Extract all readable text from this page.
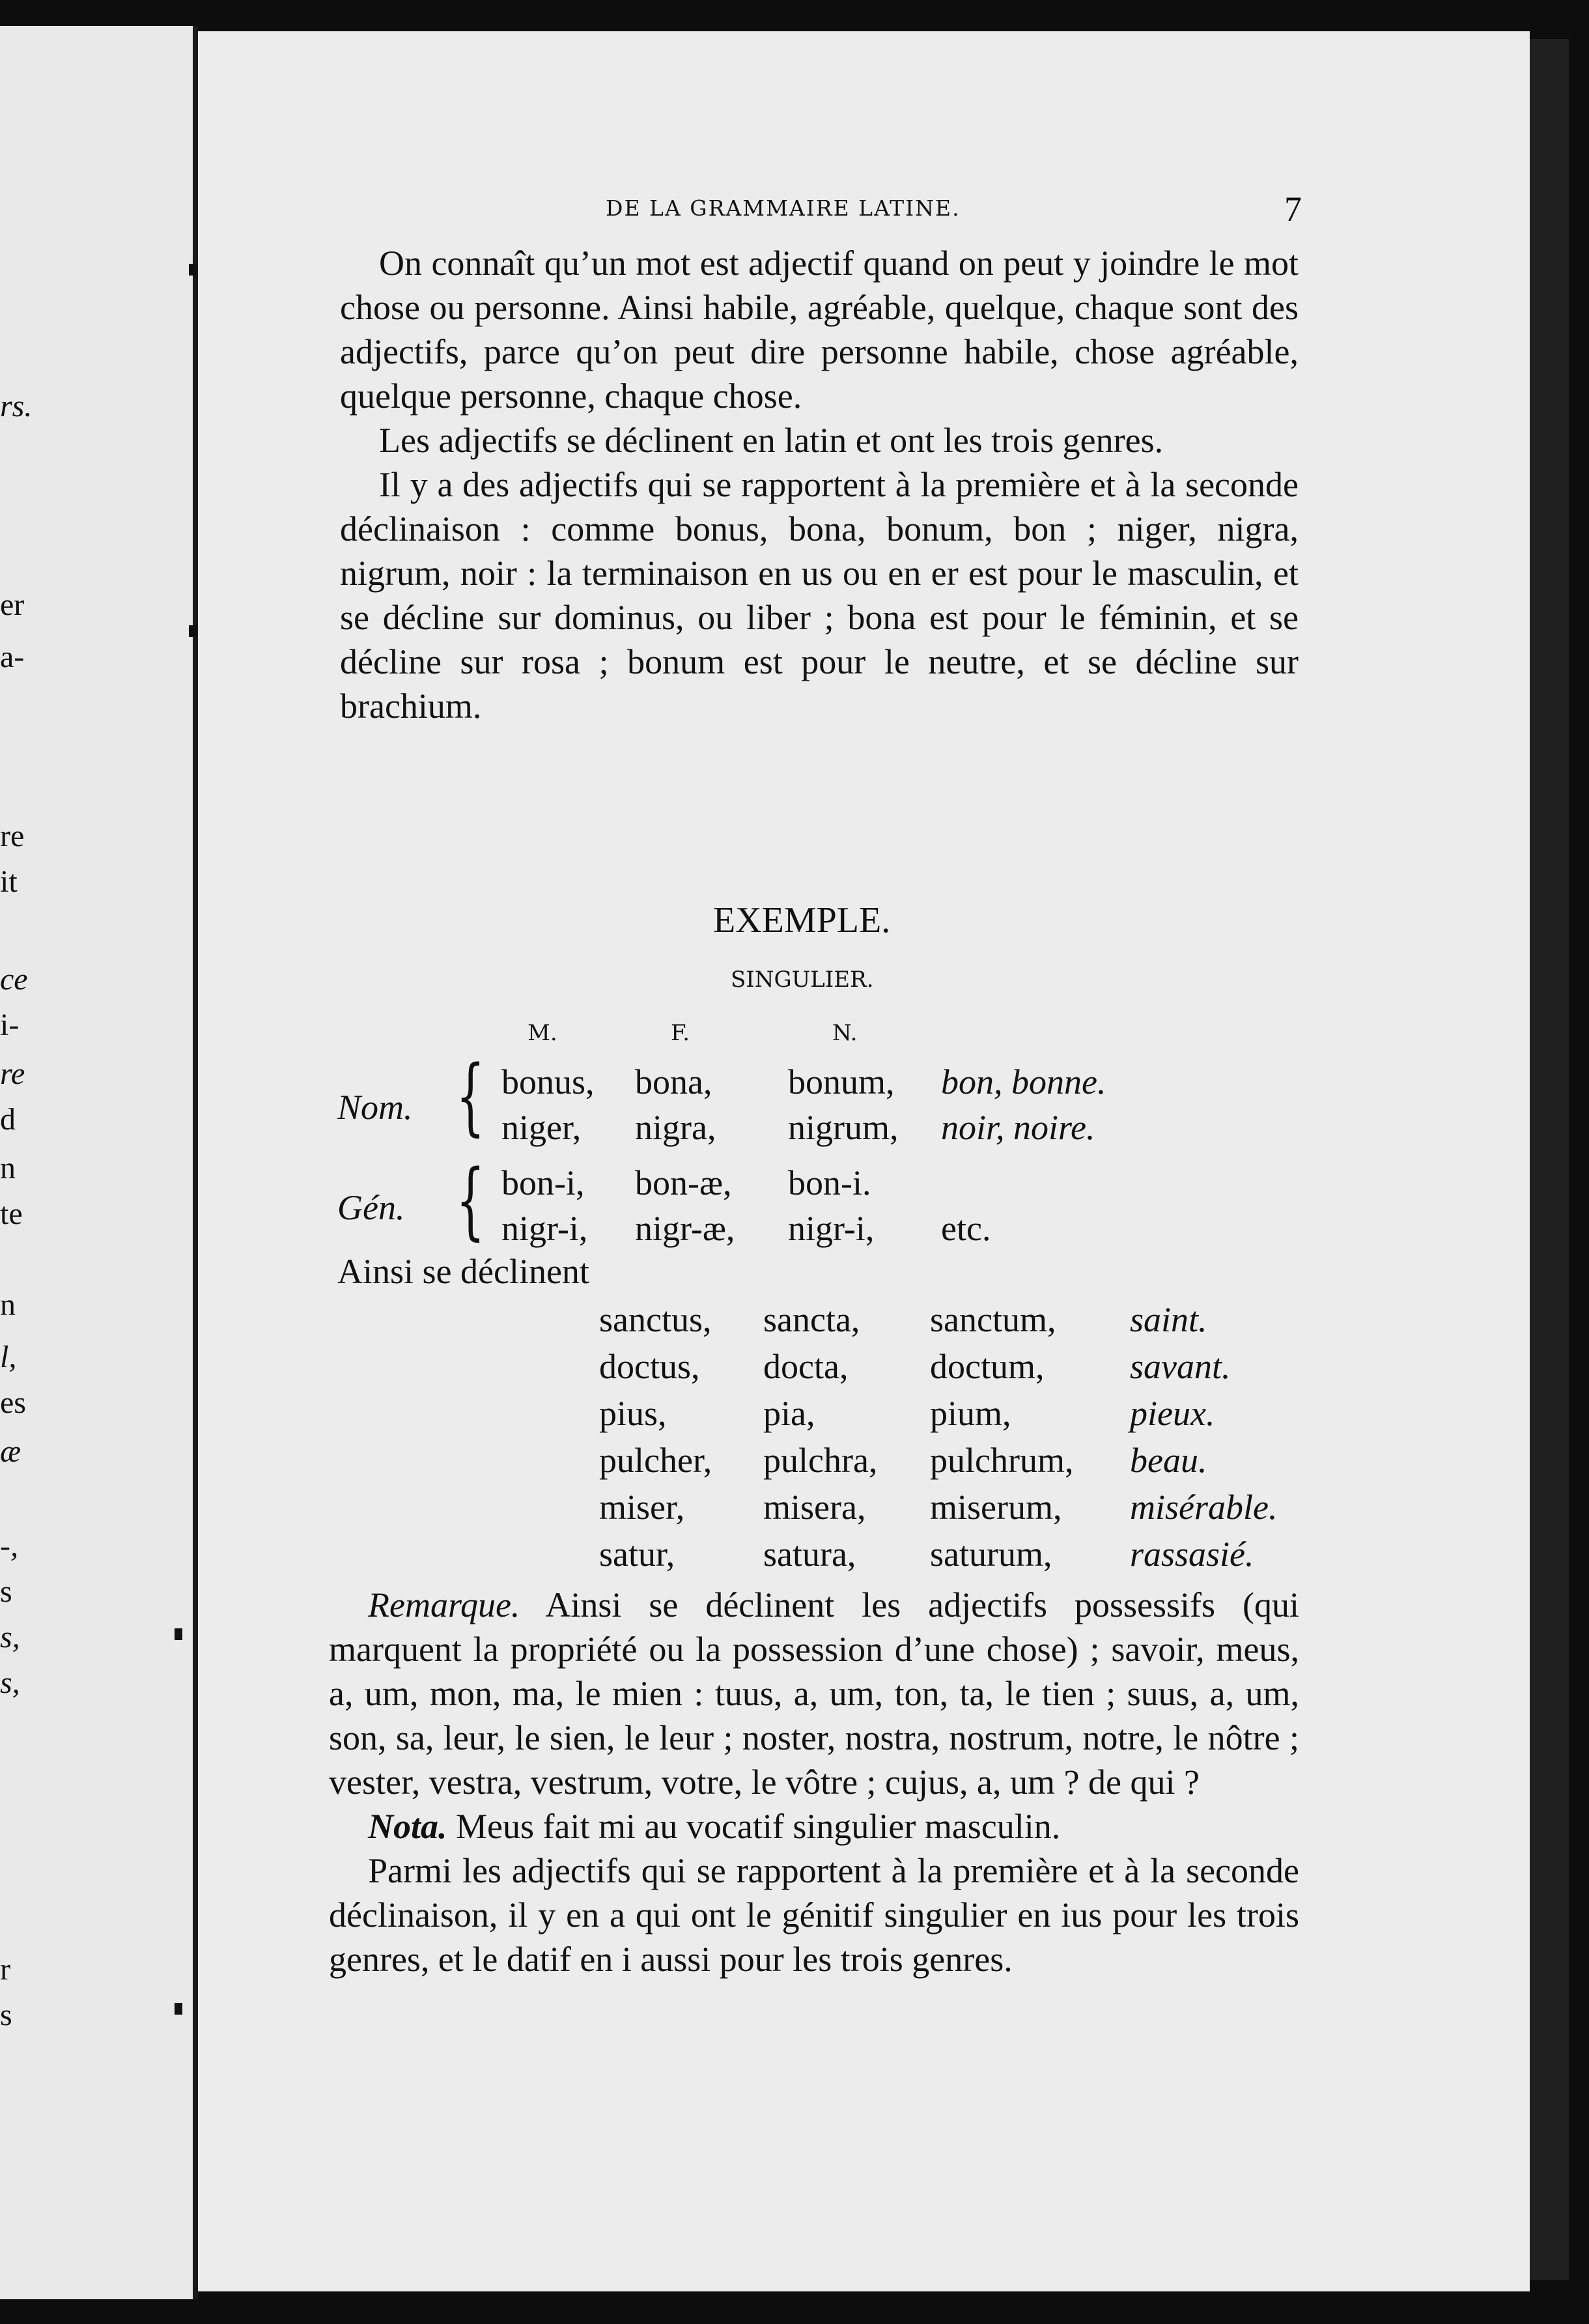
rs.
er
a-
re
it
ce
i-
re
d
n
te
n
l,
es
æ
-,
s
s,
s,
r
s
DE LA GRAMMAIRE LATINE.	7

On connaît qu’un mot est adjectif quand on peut y joindre le mot chose ou personne. Ainsi habile, agréable, quelque, chaque sont des adjectifs, parce qu’on peut dire personne habile, chose agréable, quelque personne, chaque chose.

Les adjectifs se déclinent en latin et ont les trois genres.

Il y a des adjectifs qui se rapportent à la première et à la seconde déclinaison : comme bonus, bona, bonum, bon ; niger, nigra, nigrum, noir : la terminaison en us ou en er est pour le masculin, et se décline sur dominus, ou liber ; bona est pour le féminin, et se décline sur rosa ; bonum est pour le neutre, et se décline sur brachium.

EXEMPLE.
SINGULIER.
M.	F.	N.
Nom. {
Gén. {
bonus, bona, bonum, bon, bonne.
niger, nigra, nigrum, noir, noire.
bon-i, bon-æ, bon-i.
nigr-i, nigr-æ, nigr-i, etc.
Ainsi se déclinent
sanctus, sancta, sanctum, saint.
doctus, docta, doctum, savant.
pius,	pia,	pium,	pieux.
pulcher, pulchra, pulchrum, beau.
miser, misera, miserum, misérable.
satur,	satura, saturum, rassasié.

Remarque. Ainsi se déclinent les adjectifs possessifs (qui marquent la propriété ou la possession d’une chose) ; savoir, meus, a, um, mon, ma, le mien : tuus, a, um, ton, ta, le tien ; suus, a, um, son, sa, leur, le sien, le leur ; noster, nostra, nostrum, notre, le nôtre ; vester, vestra, vestrum, votre, le vôtre ; cujus, a, um ? de qui ?

Nota. Meus fait mi au vocatif singulier masculin.

Parmi les adjectifs qui se rapportent à la première et à la seconde déclinaison, il y en a qui ont le génitif singulier en ius pour les trois genres, et le datif en i aussi pour les trois genres.
